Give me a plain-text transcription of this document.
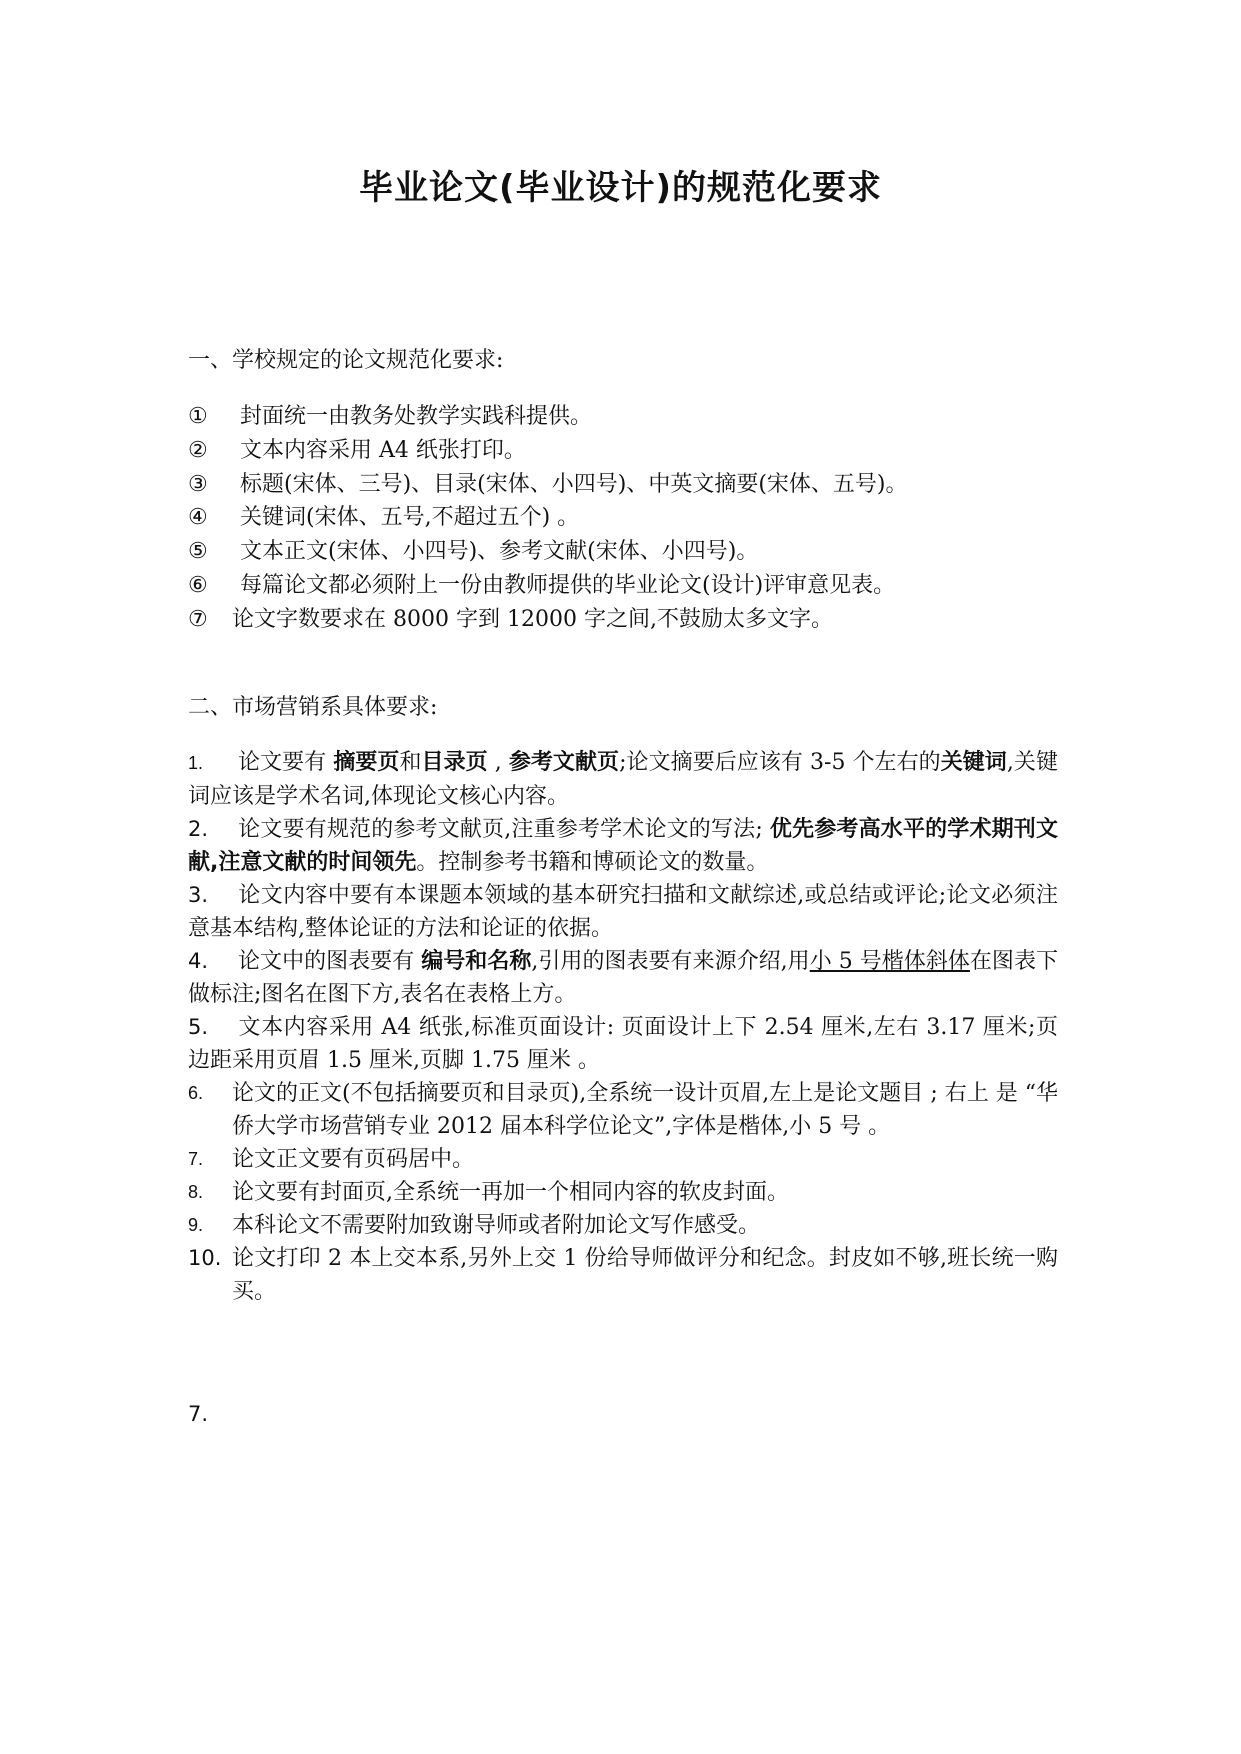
毕业论文(毕业设计)的规范化要求
一、学校规定的论文规范化要求:
①	封面统一由教务处教学实践科提供。
②	文本内容采用 A4 纸张打印。
③	标题(宋体、三号)、目录(宋体、小四号)、中英文摘要(宋体、五号)。
④	关键词(宋体、五号,不超过五个) 。
⑤	文本正文(宋体、小四号)、参考文献(宋体、小四号)。
⑥	每篇论文都必须附上一份由教师提供的毕业论文(设计)评审意见表。
⑦	论文字数要求在 8000 字到 12000 字之间,不鼓励太多文字。
二、市场营销系具体要求:
1. 论文要有 摘要页和目录页 , 参考文献页;论文摘要后应该有 3-5 个左右的关键词,关键词应该是学术名词,体现论文核心内容。
2. 论文要有规范的参考文献页,注重参考学术论文的写法; 优先参考高水平的学术期刊文献,注意文献的时间领先。控制参考书籍和博硕论文的数量。
3. 论文内容中要有本课题本领域的基本研究扫描和文献综述,或总结或评论;论文必须注意基本结构,整体论证的方法和论证的依据。
4. 论文中的图表要有 编号和名称,引用的图表要有来源介绍,用小 5 号楷体斜体在图表下做标注;图名在图下方,表名在表格上方。
5. 文本内容采用 A4 纸张,标准页面设计: 页面设计上下 2.54 厘米,左右 3.17 厘米;页边距采用页眉 1.5 厘米,页脚 1.75 厘米 。
6.	论文的正文(不包括摘要页和目录页),全系统一设计页眉,左上是论文题目 ; 右上 是 “华侨大学市场营销专业 2012 届本科学位论文”,字体是楷体,小 5 号 。
7.	论文正文要有页码居中。
8.	论文要有封面页,全系统一再加一个相同内容的软皮封面。
9.	本科论文不需要附加致谢导师或者附加论文写作感受。
10. 论文打印 2 本上交本系,另外上交 1 份给导师做评分和纪念。封皮如不够,班长统一购买。
7.
